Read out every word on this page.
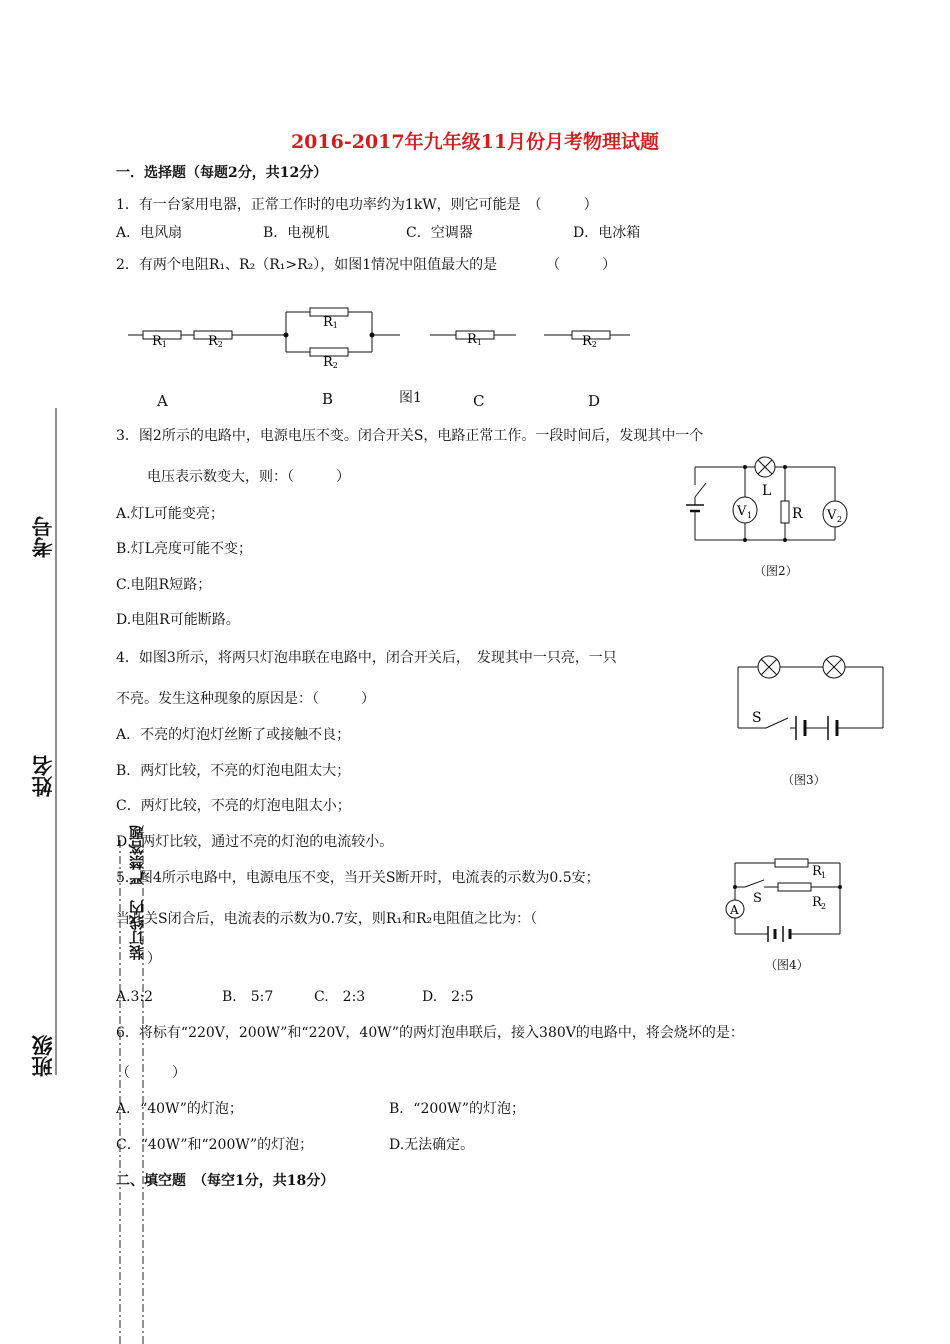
考号
姓名
班级
装订线内　严禁答题
2016-2017年九年级11月份月考物理试题
一．选择题（每题2分，共12分）
1．有一台家用电器，正常工作时的电功率约为1kW，则它可能是　（　　　）
A．电风扇	B．电视机	C．空调器	D．电冰箱
2．有两个电阻R₁、R₂（R₁>R₂），如图1情况中阻值最大的是　　　　（　　　）
R1	R2
R1
R2
R1	R2
A	B	图1	C	D
3．图2所示的电路中，电源电压不变。闭合开关S，电路正常工作。一段时间后，发现其中一个
电压表示数变大，则：（　　　）
A.灯L可能变亮；
B.灯L亮度可能不变；
C.电阻R短路；
D.电阻R可能断路。
L
V 1	R V 2
（图2）
4．如图3所示，将两只灯泡串联在电路中，闭合开关后，　发现其中一只亮，一只
不亮。发生这种现象的原因是：（　　　）
A．不亮的灯泡灯丝断了或接触不良；
B．两灯比较，不亮的灯泡电阻太大；
C．两灯比较，不亮的灯泡电阻太小；
D．两灯比较，通过不亮的灯泡的电流较小。
S
（图3）
5．图4所示电路中，电源电压不变，当开关S断开时，电流表的示数为0.5安；
当开关S闭合后，电流表的示数为0.7安，则R₁和R₂电阻值之比为：（
）
A.3:2	B.　5:7	C.　2:3	D.　2:5
R 1
S	R 2
A
（图4）
6．将标有“220V，200W”和“220V，40W”的两灯泡串联后，接入380V的电路中，将会烧坏的是：
（　　　）
A．“40W”的灯泡；	B．“200W”的灯泡；
C．“40W”和“200W”的灯泡；	D.无法确定。
二、填空题　（每空1分，共18分）
